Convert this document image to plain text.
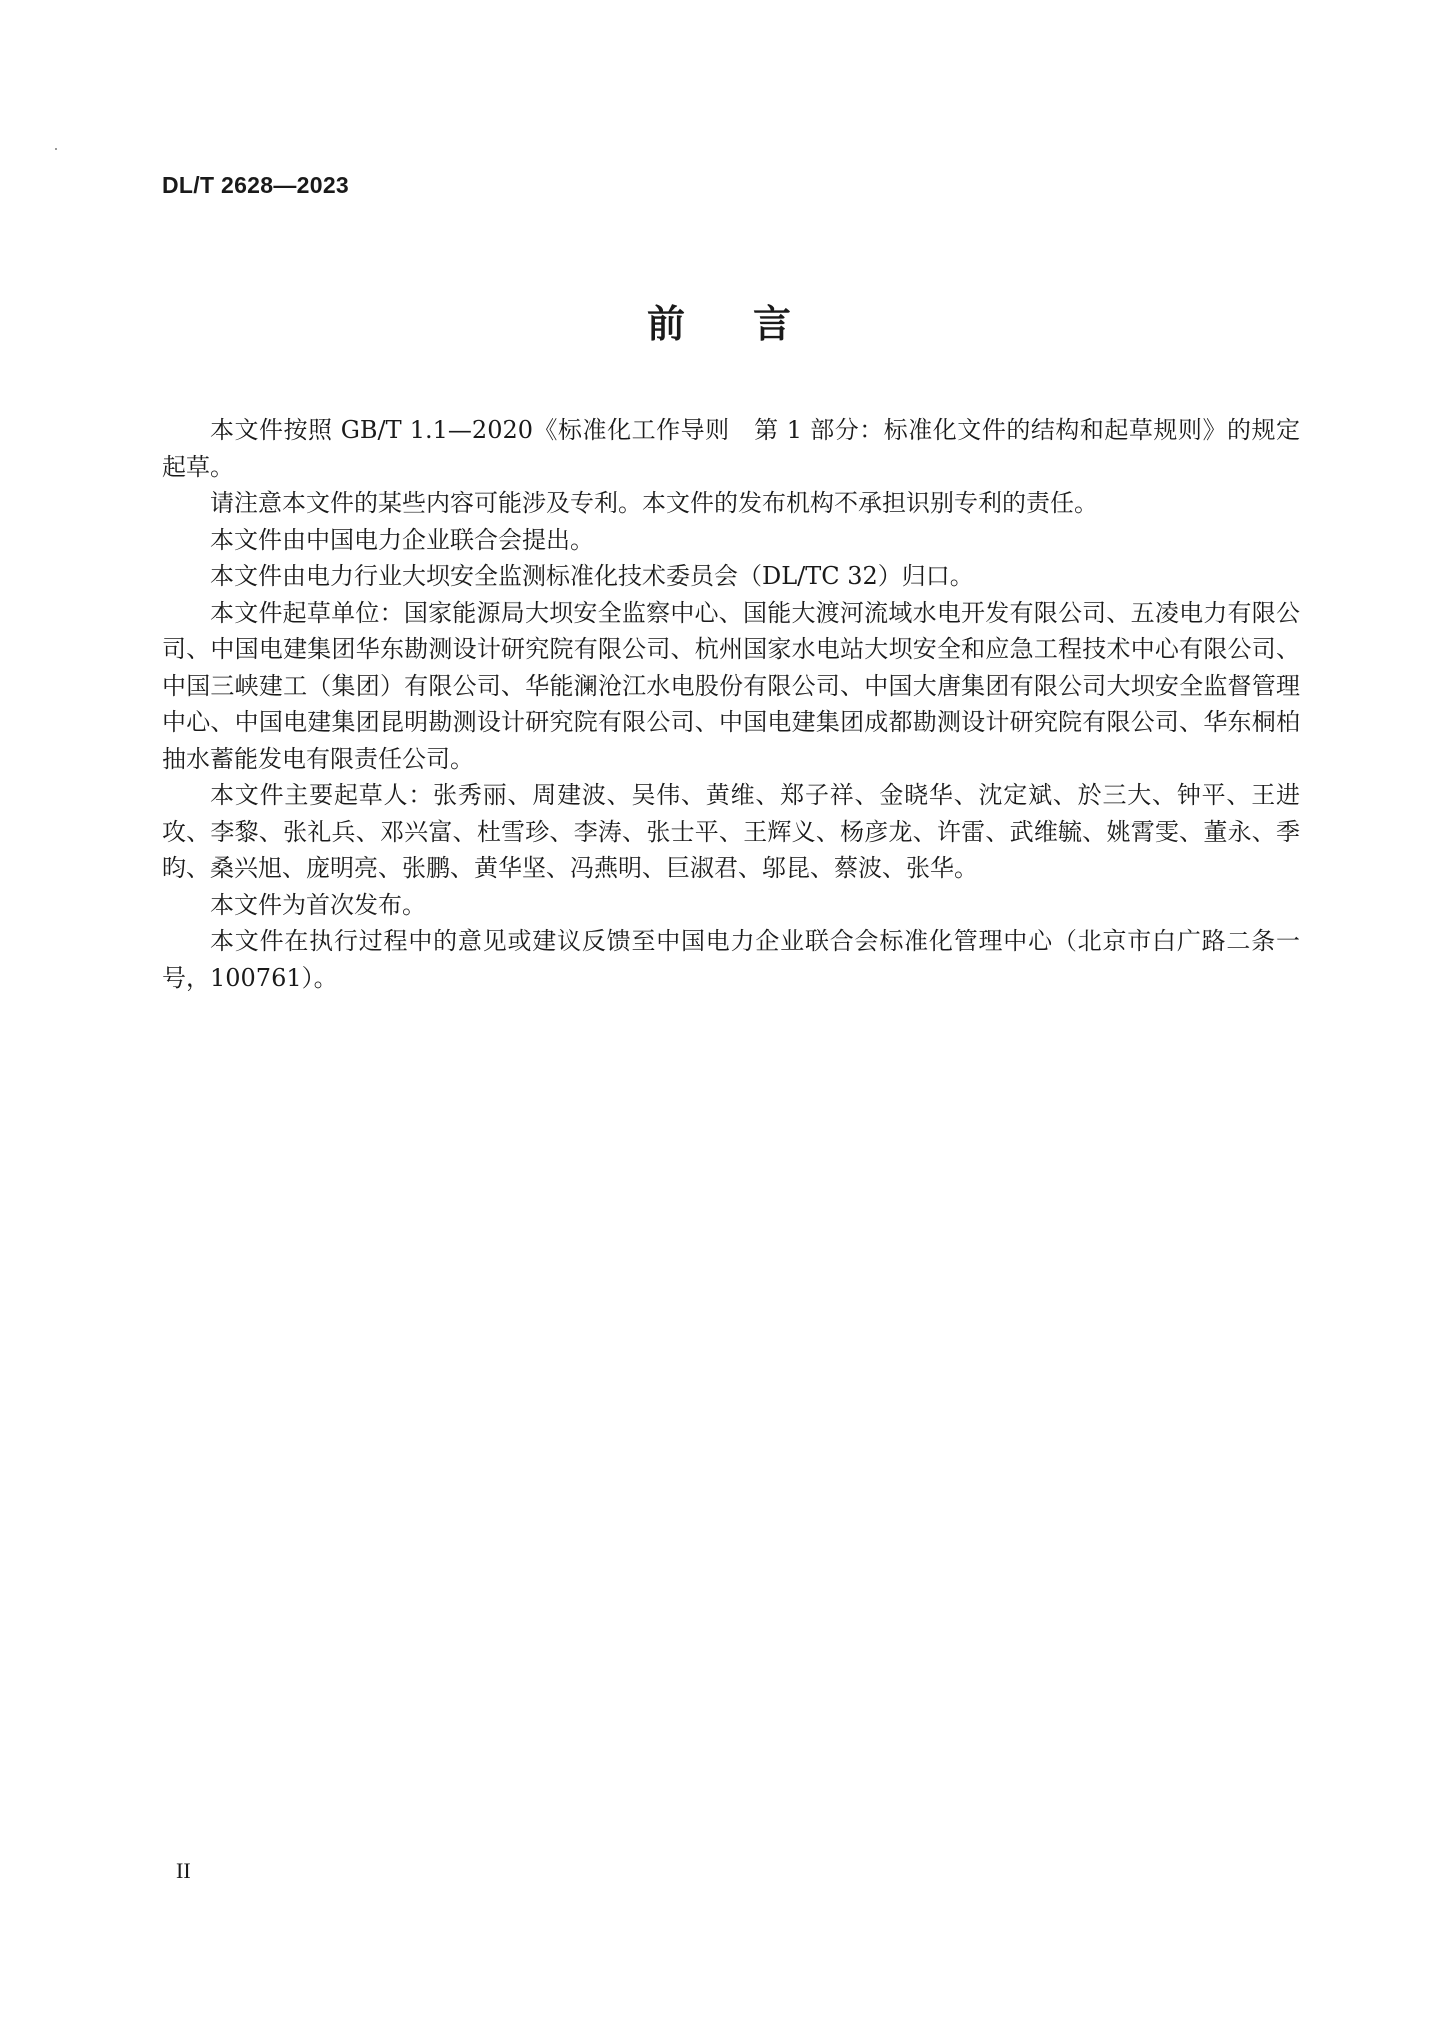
DL/T 2628—2023
前言

本文件按照 GB/T 1.1—2020《标准化工作导则　第 1 部分：标准化文件的结构和起草规则》的规定起草。

请注意本文件的某些内容可能涉及专利。本文件的发布机构不承担识别专利的责任。

本文件由中国电力企业联合会提出。

本文件由电力行业大坝安全监测标准化技术委员会（DL/TC 32）归口。

本文件起草单位：国家能源局大坝安全监察中心、国能大渡河流域水电开发有限公司、五凌电力有限公司、中国电建集团华东勘测设计研究院有限公司、杭州国家水电站大坝安全和应急工程技术中心有限公司、中国三峡建工（集团）有限公司、华能澜沧江水电股份有限公司、中国大唐集团有限公司大坝安全监督管理中心、中国电建集团昆明勘测设计研究院有限公司、中国电建集团成都勘测设计研究院有限公司、华东桐柏抽水蓄能发电有限责任公司。

本文件主要起草人：张秀丽、周建波、吴伟、黄维、郑子祥、金晓华、沈定斌、於三大、钟平、王进攻、李黎、张礼兵、邓兴富、杜雪珍、李涛、张士平、王辉义、杨彦龙、许雷、武维毓、姚霄雯、董永、季昀、桑兴旭、庞明亮、张鹏、黄华坚、冯燕明、巨淑君、邬昆、蔡波、张华。

本文件为首次发布。

本文件在执行过程中的意见或建议反馈至中国电力企业联合会标准化管理中心（北京市白广路二条一号，100761）。

II
